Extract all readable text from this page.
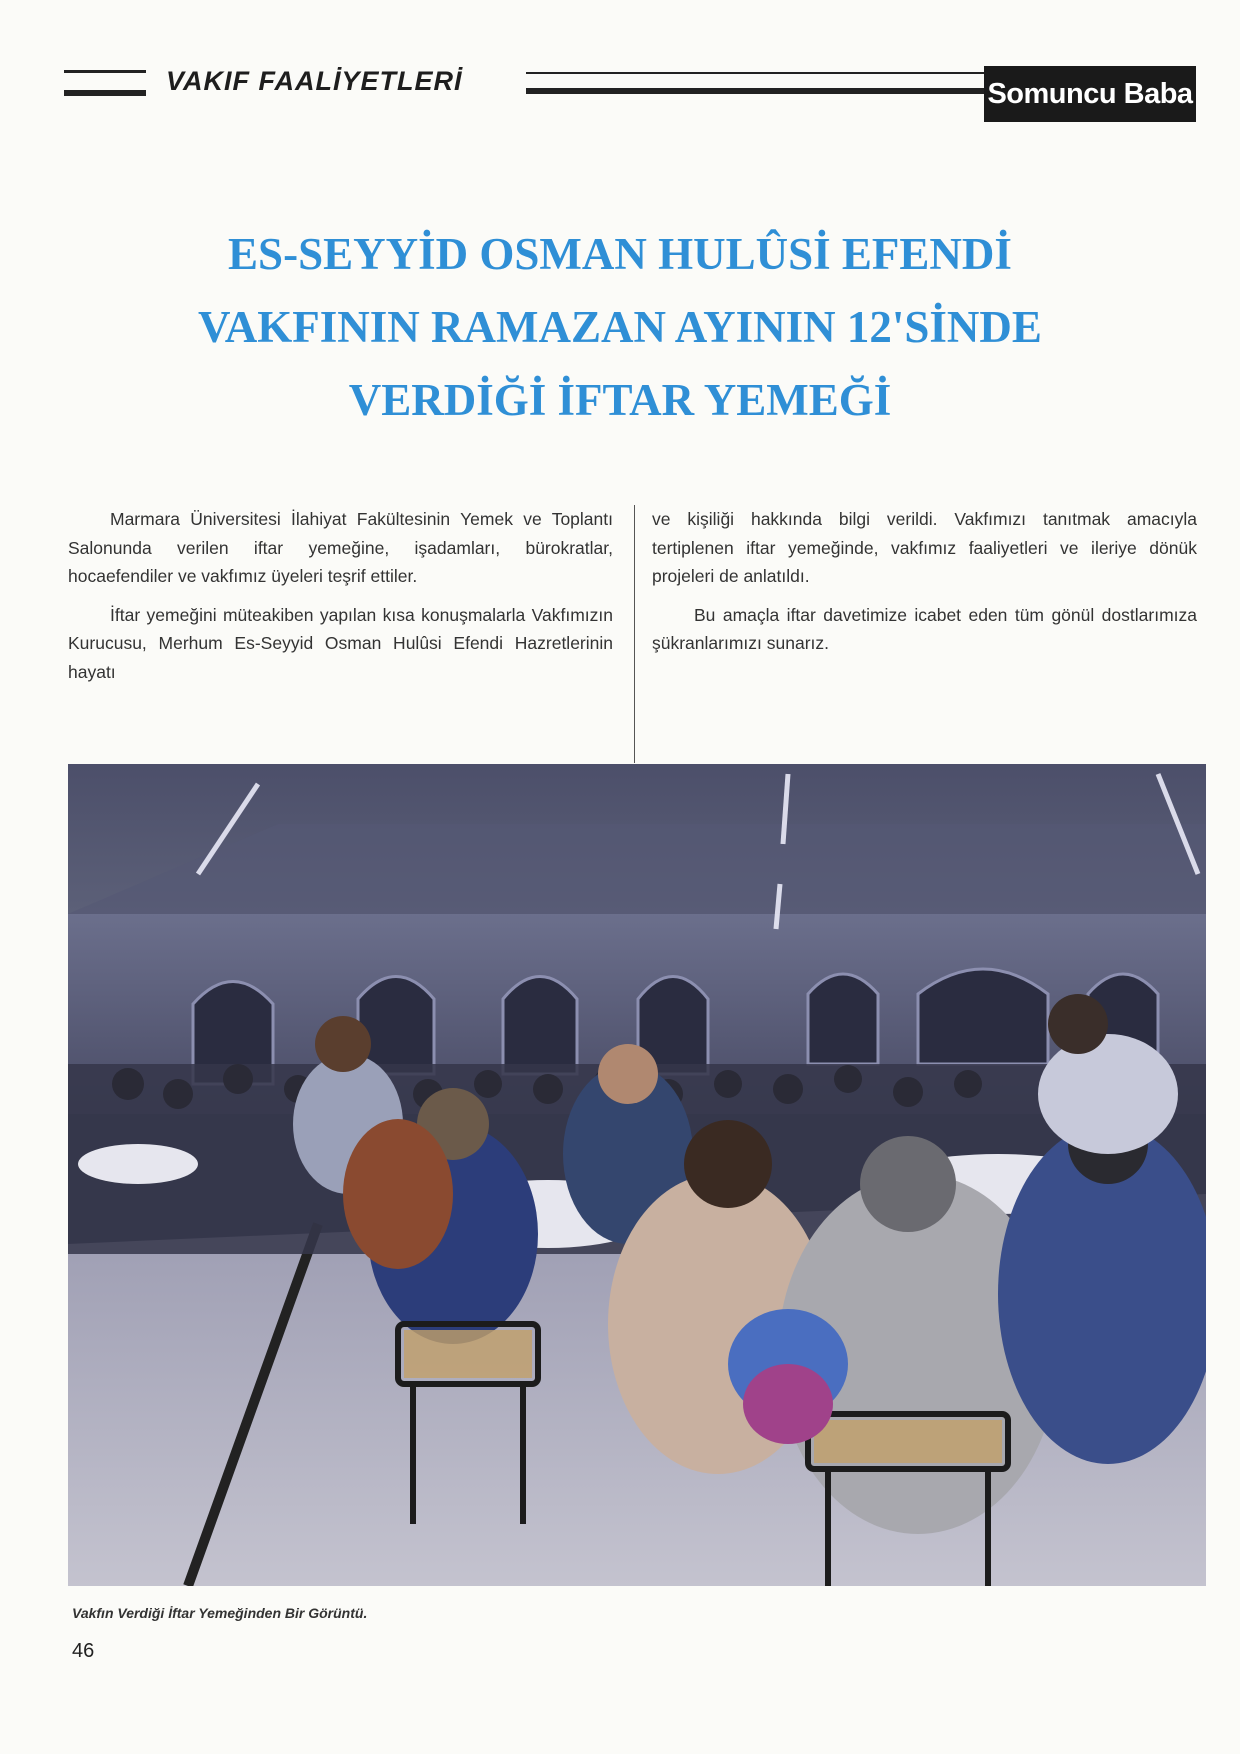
VAKIF FAALİYETLERİ	Somuncu Baba
ES-SEYYİD OSMAN HULÛSİ EFENDİ
VAKFININ RAMAZAN AYININ 12'SİNDE
VERDİĞİ İFTAR YEMEĞİ

Marmara Üniversitesi İlahiyat Fakültesinin Yemek ve Toplantı Salonunda verilen iftar yemeğine, işadamları, bürokratlar, hocaefendiler ve vakfımız üyeleri teşrif ettiler.

İftar yemeğini müteakiben yapılan kısa konuşmalarla Vakfımızın Kurucusu, Merhum Es-Seyyid Osman Hulûsi Efendi Hazretlerinin hayatı

ve kişiliği hakkında bilgi verildi. Vakfımızı tanıtmak amacıyla tertiplenen iftar yemeğinde, vakfımız faaliyetleri ve ileriye dönük projeleri de anlatıldı.

Bu amaçla iftar davetimize icabet eden tüm gönül dostlarımıza şükranlarımızı sunarız.

Vakfın Verdiği İftar Yemeğinden Bir Görüntü.
46
